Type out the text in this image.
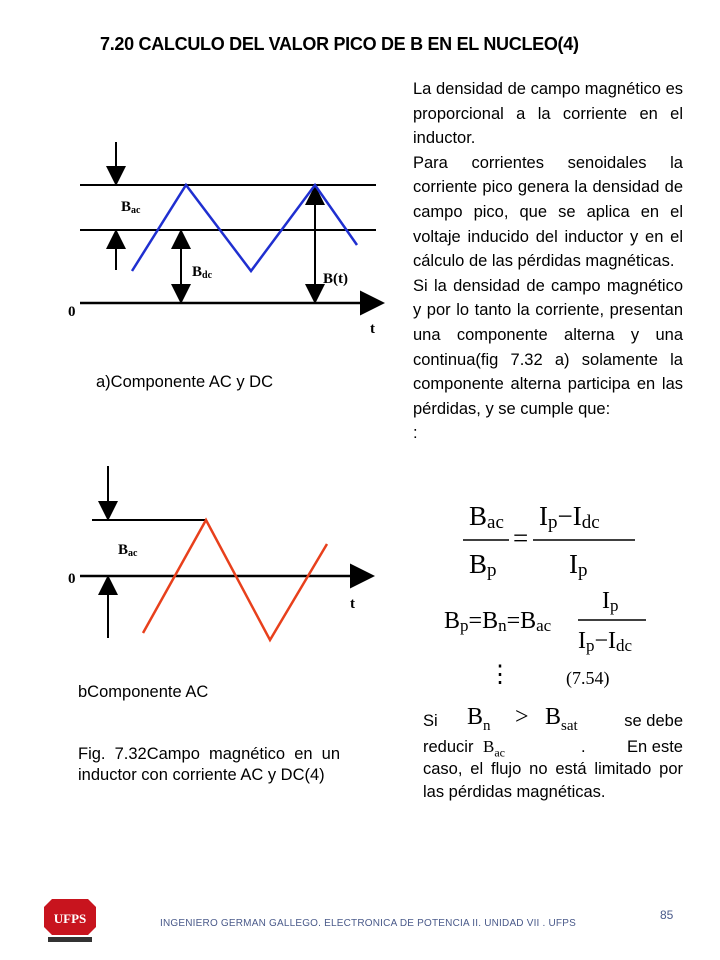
7.20 CALCULO DEL VALOR PICO DE B EN EL NUCLEO(4)

La densidad de campo magnético es proporcional a la corriente en el inductor.

Para corrientes senoidales la corriente pico genera la densidad de campo pico, que se aplica en el voltaje inducido del inductor y en el cálculo de las pérdidas magnéticas.

Si la densidad de campo magnético y por lo tanto la corriente, presentan una componente alterna y una continua(fig 7.32 a) solamente la componente alterna participa en las pérdidas, y se cumple que:

:

Bac
Bdc	B(t)
0
t
a)Componente AC y DC
Bac
0
t
bComponente AC
Fig. 7.32Campo magnético en un inductor con corriente AC y DC(4)
Bac
Bp
=
Ip−Idc
Ip
Bp=Bn=Bac
Ip
Ip−Idc
⋮	(7.54)
Si $B_n > B_{sat}$	se debe
reducir $B_{ac}$	.	En este
caso, el flujo no está limitado por las pérdidas magnéticas.
UFPS	INGENIERO GERMAN GALLEGO. ELECTRONICA DE POTENCIA II. UNIDAD VII . UFPS
85
